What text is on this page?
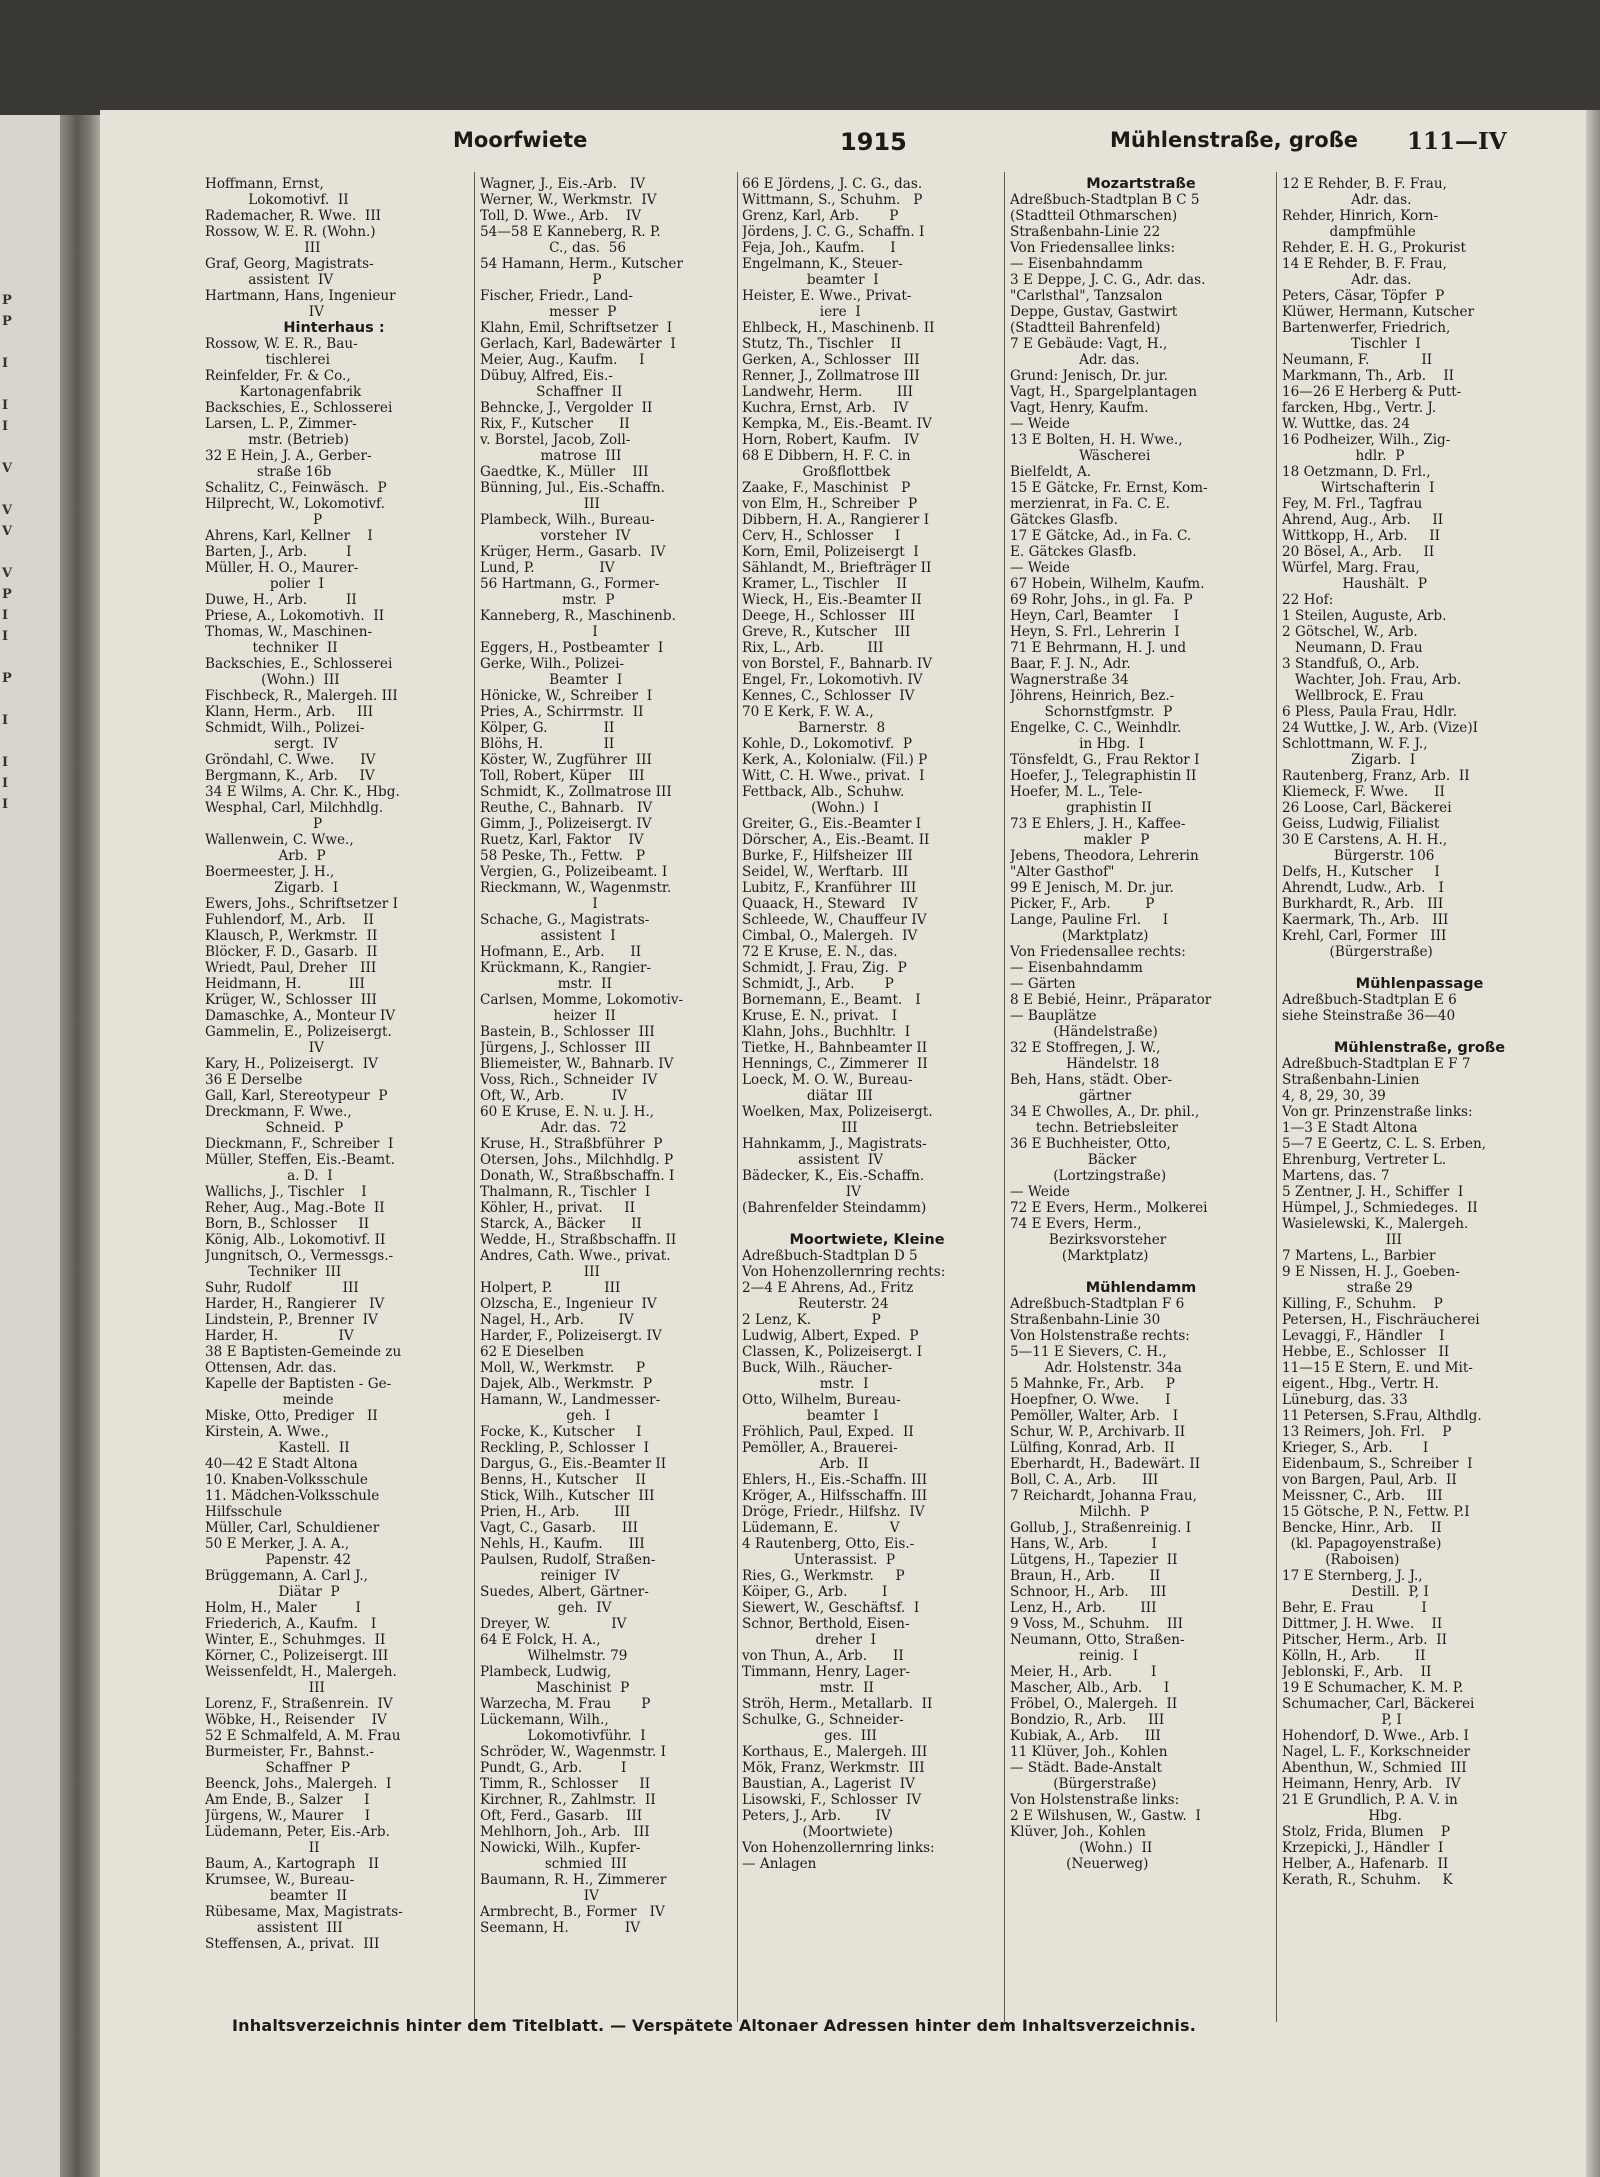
P
P

I

I
I

V

V
V

V
P
I
I

P

I

I
I
I
Moorfwiete	1915	Mühlenstraße, große 111—IV
Hoffmann, Ernst,
Lokomotivf.  II
Rademacher, R. Wwe.  III
Rossow, W. E. R. (Wohn.)
III
Graf, Georg, Magistrats-
assistent  IV
Hartmann, Hans, Ingenieur
IV
Hinterhaus :
Rossow, W. E. R., Bau-
tischlerei
Reinfelder, Fr. & Co.,
Kartonagenfabrik
Backschies, E., Schlosserei
Larsen, L. P., Zimmer-
mstr. (Betrieb)
32 E Hein, J. A., Gerber-
straße 16b
Schalitz, C., Feinwäsch.  P
Hilprecht, W., Lokomotivf.
P
Ahrens, Karl, Kellner    I
Barten, J., Arb.         I
Müller, H. O., Maurer-
polier  I
Duwe, H., Arb.         II
Priese, A., Lokomotivh.  II
Thomas, W., Maschinen-
techniker  II
Backschies, E., Schlosserei
(Wohn.)  III
Fischbeck, R., Malergeh. III
Klann, Herm., Arb.     III
Schmidt, Wilh., Polizei-
sergt.  IV
Gröndahl, C. Wwe.      IV
Bergmann, K., Arb.     IV
34 E Wilms, A. Chr. K., Hbg.
Wesphal, Carl, Milchhdlg.
P
Wallenwein, C. Wwe.,
Arb.  P
Boermeester, J. H.,
Zigarb.  I
Ewers, Johs., Schriftsetzer I
Fuhlendorf, M., Arb.    II
Klausch, P., Werkmstr.  II
Blöcker, F. D., Gasarb.  II
Wriedt, Paul, Dreher   III
Heidmann, H.           III
Krüger, W., Schlosser  III
Damaschke, A., Monteur IV
Gammelin, E., Polizeisergt.
IV
Kary, H., Polizeisergt.  IV
36 E Derselbe
Gall, Karl, Stereotypeur  P
Dreckmann, F. Wwe.,
Schneid.  P
Dieckmann, F., Schreiber  I
Müller, Steffen, Eis.-Beamt.
a. D.  I
Wallichs, J., Tischler    I
Reher, Aug., Mag.-Bote  II
Born, B., Schlosser     II
König, Alb., Lokomotivf. II
Jungnitsch, O., Vermessgs.-
Techniker  III
Suhr, Rudolf            III
Harder, H., Rangierer   IV
Lindstein, P., Brenner  IV
Harder, H.              IV
38 E Baptisten-Gemeinde zu
Ottensen, Adr. das.
Kapelle der Baptisten - Ge-
meinde
Miske, Otto, Prediger   II
Kirstein, A. Wwe.,
Kastell.  II
40—42 E Stadt Altona
10. Knaben-Volksschule
11. Mädchen-Volksschule
Hilfsschule
Müller, Carl, Schuldiener
50 E Merker, J. A. A.,
Papenstr. 42
Brüggemann, A. Carl J.,
Diätar  P
Holm, H., Maler         I
Friederich, A., Kaufm.   I
Winter, E., Schuhmges.  II
Körner, C., Polizeisergt. III
Weissenfeldt, H., Malergeh.
III
Lorenz, F., Straßenrein.  IV
Wöbke, H., Reisender    IV
52 E Schmalfeld, A. M. Frau
Burmeister, Fr., Bahnst.-
Schaffner  P
Beenck, Johs., Malergeh.  I
Am Ende, B., Salzer     I
Jürgens, W., Maurer     I
Lüdemann, Peter, Eis.-Arb.
II
Baum, A., Kartograph   II
Krumsee, W., Bureau-
beamter  II
Rübesame, Max, Magistrats-
assistent  III
Steffensen, A., privat.  III
Wagner, J., Eis.-Arb.   IV
Werner, W., Werkmstr.  IV
Toll, D. Wwe., Arb.    IV
54—58 E Kanneberg, R. P.
C., das.  56
54 Hamann, Herm., Kutscher
P
Fischer, Friedr., Land-
messer  P
Klahn, Emil, Schriftsetzer  I
Gerlach, Karl, Badewärter  I
Meier, Aug., Kaufm.     I
Dübuy, Alfred, Eis.-
Schaffner  II
Behncke, J., Vergolder  II
Rix, F., Kutscher      II
v. Borstel, Jacob, Zoll-
matrose  III
Gaedtke, K., Müller    III
Bünning, Jul., Eis.-Schaffn.
III
Plambeck, Wilh., Bureau-
vorsteher  IV
Krüger, Herm., Gasarb.  IV
Lund, P.               IV
56 Hartmann, G., Former-
mstr.  P
Kanneberg, R., Maschinenb.
I
Eggers, H., Postbeamter  I
Gerke, Wilh., Polizei-
Beamter  I
Hönicke, W., Schreiber  I
Pries, A., Schirrmstr.  II
Kölper, G.             II
Blöhs, H.              II
Köster, W., Zugführer  III
Toll, Robert, Küper    III
Schmidt, K., Zollmatrose III
Reuthe, C., Bahnarb.   IV
Gimm, J., Polizeisergt. IV
Ruetz, Karl, Faktor    IV
58 Peske, Th., Fettw.   P
Vergien, G., Polizeibeamt. I
Rieckmann, W., Wagenmstr.
I
Schache, G., Magistrats-
assistent  I
Hofmann, E., Arb.      II
Krückmann, K., Rangier-
mstr.  II
Carlsen, Momme, Lokomotiv-
heizer  II
Bastein, B., Schlosser  III
Jürgens, J., Schlosser  III
Bliemeister, W., Bahnarb. IV
Voss, Rich., Schneider  IV
Oft, W., Arb.           IV
60 E Kruse, E. N. u. J. H.,
Adr. das.  72
Kruse, H., Straßbführer  P
Otersen, Johs., Milchhdlg. P
Donath, W., Straßbschaffn. I
Thalmann, R., Tischler  I
Köhler, H., privat.     II
Starck, A., Bäcker      II
Wedde, H., Straßbschaffn. II
Andres, Cath. Wwe., privat.
III
Holpert, P.            III
Olzscha, E., Ingenieur  IV
Nagel, H., Arb.        IV
Harder, F., Polizeisergt. IV
62 E Dieselben
Moll, W., Werkmstr.     P
Dajek, Alb., Werkmstr.  P
Hamann, W., Landmesser-
geh.  I
Focke, K., Kutscher     I
Reckling, P., Schlosser  I
Dargus, G., Eis.-Beamter II
Benns, H., Kutscher    II
Stick, Wilh., Kutscher  III
Prien, H., Arb.        III
Vagt, C., Gasarb.      III
Nehls, H., Kaufm.      III
Paulsen, Rudolf, Straßen-
reiniger  IV
Suedes, Albert, Gärtner-
geh.  IV
Dreyer, W.              IV
64 E Folck, H. A.,
Wilhelmstr. 79
Plambeck, Ludwig,
Maschinist  P
Warzecha, M. Frau       P
Lückemann, Wilh.,
Lokomotivführ.  I
Schröder, W., Wagenmstr. I
Pundt, G., Arb.         I
Timm, R., Schlosser     II
Kirchner, R., Zahlmstr.  II
Oft, Ferd., Gasarb.    III
Mehlhorn, Joh., Arb.   III
Nowicki, Wilh., Kupfer-
schmied  III
Baumann, R. H., Zimmerer
IV
Armbrecht, B., Former   IV
Seemann, H.             IV
66 E Jördens, J. C. G., das.
Wittmann, S., Schuhm.   P
Grenz, Karl, Arb.       P
Jördens, J. C. G., Schaffn. I
Feja, Joh., Kaufm.      I
Engelmann, K., Steuer-
beamter  I
Heister, E. Wwe., Privat-
iere  I
Ehlbeck, H., Maschinenb. II
Stutz, Th., Tischler    II
Gerken, A., Schlosser   III
Renner, J., Zollmatrose III
Landwehr, Herm.        III
Kuchra, Ernst, Arb.    IV
Kempka, M., Eis.-Beamt. IV
Horn, Robert, Kaufm.   IV
68 E Dibbern, H. F. C. in
Großflottbek
Zaake, F., Maschinist   P
von Elm, H., Schreiber  P
Dibbern, H. A., Rangierer I
Cerv, H., Schlosser     I
Korn, Emil, Polizeisergt  I
Sählandt, M., Briefträger II
Kramer, L., Tischler    II
Wieck, H., Eis.-Beamter II
Deege, H., Schlosser   III
Greve, R., Kutscher    III
Rix, L., Arb.          III
von Borstel, F., Bahnarb. IV
Engel, Fr., Lokomotivh. IV
Kennes, C., Schlosser  IV
70 E Kerk, F. W. A.,
Barnerstr.  8
Kohle, D., Lokomotivf.  P
Kerk, A., Kolonialw. (Fil.) P
Witt, C. H. Wwe., privat.  I
Fettback, Alb., Schuhw.
(Wohn.)  I
Greiter, G., Eis.-Beamter I
Dörscher, A., Eis.-Beamt. II
Burke, F., Hilfsheizer  III
Seidel, W., Werftarb.  III
Lubitz, F., Kranführer  III
Quaack, H., Steward    IV
Schleede, W., Chauffeur IV
Cimbal, O., Malergeh.  IV
72 E Kruse, E. N., das.
Schmidt, J. Frau, Zig.  P
Schmidt, J., Arb.       P
Bornemann, E., Beamt.   I
Kruse, E. N., privat.   I
Klahn, Johs., Buchhltr.  I
Tietke, H., Bahnbeamter II
Hennings, C., Zimmerer  II
Loeck, M. O. W., Bureau-
diätar  III
Woelken, Max, Polizeisergt.
III
Hahnkamm, J., Magistrats-
assistent  IV
Bädecker, K., Eis.-Schaffn.
IV
(Bahrenfelder Steindamm)
Moortwiete, Kleine
Adreßbuch-Stadtplan D 5
Von Hohenzollernring rechts:
2—4 E Ahrens, Ad., Fritz
Reuterstr. 24
2 Lenz, K.              P
Ludwig, Albert, Exped.  P
Classen, K., Polizeisergt. I
Buck, Wilh., Räucher-
mstr.  I
Otto, Wilhelm, Bureau-
beamter  I
Fröhlich, Paul, Exped.  II
Pemöller, A., Brauerei-
Arb.  II
Ehlers, H., Eis.-Schaffn. III
Kröger, A., Hilfsschaffn. III
Dröge, Friedr., Hilfshz.  IV
Lüdemann, E.            V
4 Rautenberg, Otto, Eis.-
Unterassist.  P
Ries, G., Werkmstr.     P
Köiper, G., Arb.        I
Siewert, W., Geschäftsf.  I
Schnor, Berthold, Eisen-
dreher  I
von Thun, A., Arb.      II
Timmann, Henry, Lager-
mstr.  II
Ströh, Herm., Metallarb.  II
Schulke, G., Schneider-
ges.  III
Korthaus, E., Malergeh. III
Mök, Franz, Werkmstr.  III
Baustian, A., Lagerist  IV
Lisowski, F., Schlosser  IV
Peters, J., Arb.        IV
(Moortwiete)
Von Hohenzollernring links:
— Anlagen
Mozartstraße
Adreßbuch-Stadtplan B C 5
(Stadtteil Othmarschen)
Straßenbahn-Linie 22
Von Friedensallee links:
— Eisenbahndamm
3 E Deppe, J. C. G., Adr. das.
"Carlsthal", Tanzsalon
Deppe, Gustav, Gastwirt
(Stadtteil Bahrenfeld)
7 E Gebäude: Vagt, H.,
Adr. das.
Grund: Jenisch, Dr. jur.
Vagt, H., Spargelplantagen
Vagt, Henry, Kaufm.
— Weide
13 E Bolten, H. H. Wwe.,
Wäscherei
Bielfeldt, A.
15 E Gätcke, Fr. Ernst, Kom-
merzienrat, in Fa. C. E.
Gätckes Glasfb.
17 E Gätcke, Ad., in Fa. C.
E. Gätckes Glasfb.
— Weide
67 Hobein, Wilhelm, Kaufm.
69 Rohr, Johs., in gl. Fa.  P
Heyn, Carl, Beamter     I
Heyn, S. Frl., Lehrerin  I
71 E Behrmann, H. J. und
Baar, F. J. N., Adr.
Wagnerstraße 34
Jöhrens, Heinrich, Bez.-
Schornstfgmstr.  P
Engelke, C. C., Weinhdlr.
in Hbg.  I
Tönsfeldt, G., Frau Rektor I
Hoefer, J., Telegraphistin II
Hoefer, M. L., Tele-
graphistin II
73 E Ehlers, J. H., Kaffee-
makler  P
Jebens, Theodora, Lehrerin
"Alter Gasthof"
99 E Jenisch, M. Dr. jur.
Picker, F., Arb.        P
Lange, Pauline Frl.     I
(Marktplatz)
Von Friedensallee rechts:
— Eisenbahndamm
— Gärten
8 E Bebié, Heinr., Präparator
— Bauplätze
(Händelstraße)
32 E Stoffregen, J. W.,
Händelstr. 18
Beh, Hans, städt. Ober-
gärtner
34 E Chwolles, A., Dr. phil.,
techn. Betriebsleiter
36 E Buchheister, Otto,
Bäcker
(Lortzingstraße)
— Weide
72 E Evers, Herm., Molkerei
74 E Evers, Herm.,
Bezirksvorsteher
(Marktplatz)
Mühlendamm
Adreßbuch-Stadtplan F 6
Straßenbahn-Linie 30
Von Holstenstraße rechts:
5—11 E Sievers, C. H.,
Adr. Holstenstr. 34a
5 Mahnke, Fr., Arb.     P
Hoepfner, O. Wwe.      I
Pemöller, Walter, Arb.   I
Schur, W. P., Archivarb. II
Lülfing, Konrad, Arb.  II
Eberhardt, H., Badewärt. II
Boll, C. A., Arb.      III
7 Reichardt, Johanna Frau,
Milchh.  P
Gollub, J., Straßenreinig. I
Hans, W., Arb.          I
Lütgens, H., Tapezier  II
Braun, H., Arb.        II
Schnoor, H., Arb.     III
Lenz, H., Arb.        III
9 Voss, M., Schuhm.    III
Neumann, Otto, Straßen-
reinig.  I
Meier, H., Arb.         I
Mascher, Alb., Arb.     I
Fröbel, O., Malergeh.  II
Bondzio, R., Arb.     III
Kubiak, A., Arb.      III
11 Klüver, Joh., Kohlen
— Städt. Bade-Anstalt
(Bürgerstraße)
Von Holstenstraße links:
2 E Wilshusen, W., Gastw.  I
Klüver, Joh., Kohlen
(Wohn.)  II
(Neuerweg)
12 E Rehder, B. F. Frau,
Adr. das.
Rehder, Hinrich, Korn-
dampfmühle
Rehder, E. H. G., Prokurist
14 E Rehder, B. F. Frau,
Adr. das.
Peters, Cäsar, Töpfer  P
Klüwer, Hermann, Kutscher
Bartenwerfer, Friedrich,
Tischler  I
Neumann, F.            II
Markmann, Th., Arb.    II
16—26 E Herberg & Putt-
farcken, Hbg., Vertr. J.
W. Wuttke, das. 24
16 Podheizer, Wilh., Zig-
hdlr.  P
18 Oetzmann, D. Frl.,
Wirtschafterin  I
Fey, M. Frl., Tagfrau
Ahrend, Aug., Arb.     II
Wittkopp, H., Arb.     II
20 Bösel, A., Arb.     II
Würfel, Marg. Frau,
Haushält.  P
22 Hof:
1 Steilen, Auguste, Arb.
2 Götschel, W., Arb.
Neumann, D. Frau
3 Standfuß, O., Arb.
Wachter, Joh. Frau, Arb.
Wellbrock, E. Frau
6 Pless, Paula Frau, Hdlr.
24 Wuttke, J. W., Arb. (Vize)I
Schlottmann, W. F. J.,
Zigarb.  I
Rautenberg, Franz, Arb.  II
Kliemeck, F. Wwe.      II
26 Loose, Carl, Bäckerei
Geiss, Ludwig, Filialist
30 E Carstens, A. H. H.,
Bürgerstr. 106
Delfs, H., Kutscher     I
Ahrendt, Ludw., Arb.   I
Burkhardt, R., Arb.   III
Kaermark, Th., Arb.   III
Krehl, Carl, Former   III
(Bürgerstraße)
Mühlenpassage
Adreßbuch-Stadtplan E 6
siehe Steinstraße 36—40
Mühlenstraße, große
Adreßbuch-Stadtplan E F 7
Straßenbahn-Linien
4, 8, 29, 30, 39
Von gr. Prinzenstraße links:
1—3 E Stadt Altona
5—7 E Geertz, C. L. S. Erben,
Ehrenburg, Vertreter L.
Martens, das. 7
5 Zentner, J. H., Schiffer  I
Hümpel, J., Schmiedeges.  II
Wasielewski, K., Malergeh.
III
7 Martens, L., Barbier
9 E Nissen, H. J., Goeben-
straße 29
Killing, F., Schuhm.    P
Petersen, H., Fischräucherei
Levaggi, F., Händler    I
Hebbe, E., Schlosser   II
11—15 E Stern, E. und Mit-
eigent., Hbg., Vertr. H.
Lüneburg, das. 33
11 Petersen, S.Frau, Althdlg.
13 Reimers, Joh. Frl.    P
Krieger, S., Arb.       I
Eidenbaum, S., Schreiber  I
von Bargen, Paul, Arb.  II
Meissner, C., Arb.     III
15 Götsche, P. N., Fettw. P.I
Bencke, Hinr., Arb.    II
(kl. Papagoyenstraße)
(Raboisen)
17 E Sternberg, J. J.,
Destill.  P, I
Behr, E. Frau           I
Dittmer, J. H. Wwe.    II
Pitscher, Herm., Arb.  II
Kölln, H., Arb.        II
Jeblonski, F., Arb.    II
19 E Schumacher, K. M. P.
Schumacher, Carl, Bäckerei
P, I
Hohendorf, D. Wwe., Arb. I
Nagel, L. F., Korkschneider
Abenthun, W., Schmied  III
Heimann, Henry, Arb.   IV
21 E Grundlich, P. A. V. in
Hbg.
Stolz, Frida, Blumen    P
Krzepicki, J., Händler  I
Helber, A., Hafenarb.  II
Kerath, R., Schuhm.     K
Inhaltsverzeichnis hinter dem Titelblatt. — Verspätete Altonaer Adressen hinter dem Inhaltsverzeichnis.
